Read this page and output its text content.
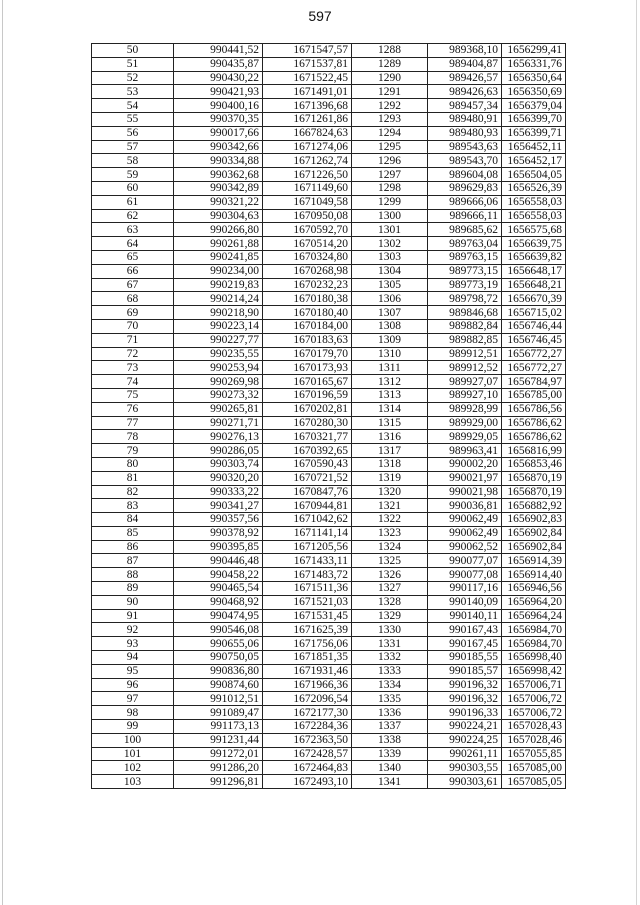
597
50	990441,52	1671547,57	1288	989368,10	1656299,41
51	990435,87	1671537,81	1289	989404,87	1656331,76
52	990430,22	1671522,45	1290	989426,57	1656350,64
53	990421,93	1671491,01	1291	989426,63	1656350,69
54	990400,16	1671396,68	1292	989457,34	1656379,04
55	990370,35	1671261,86	1293	989480,91	1656399,70
56	990017,66	1667824,63	1294	989480,93	1656399,71
57	990342,66	1671274,06	1295	989543,63	1656452,11
58	990334,88	1671262,74	1296	989543,70	1656452,17
59	990362,68	1671226,50	1297	989604,08	1656504,05
60	990342,89	1671149,60	1298	989629,83	1656526,39
61	990321,22	1671049,58	1299	989666,06	1656558,03
62	990304,63	1670950,08	1300	989666,11	1656558,03
63	990266,80	1670592,70	1301	989685,62	1656575,68
64	990261,88	1670514,20	1302	989763,04	1656639,75
65	990241,85	1670324,80	1303	989763,15	1656639,82
66	990234,00	1670268,98	1304	989773,15	1656648,17
67	990219,83	1670232,23	1305	989773,19	1656648,21
68	990214,24	1670180,38	1306	989798,72	1656670,39
69	990218,90	1670180,40	1307	989846,68	1656715,02
70	990223,14	1670184,00	1308	989882,84	1656746,44
71	990227,77	1670183,63	1309	989882,85	1656746,45
72	990235,55	1670179,70	1310	989912,51	1656772,27
73	990253,94	1670173,93	1311	989912,52	1656772,27
74	990269,98	1670165,67	1312	989927,07	1656784,97
75	990273,32	1670196,59	1313	989927,10	1656785,00
76	990265,81	1670202,81	1314	989928,99	1656786,56
77	990271,71	1670280,30	1315	989929,00	1656786,62
78	990276,13	1670321,77	1316	989929,05	1656786,62
79	990286,05	1670392,65	1317	989963,41	1656816,99
80	990303,74	1670590,43	1318	990002,20	1656853,46
81	990320,20	1670721,52	1319	990021,97	1656870,19
82	990333,22	1670847,76	1320	990021,98	1656870,19
83	990341,27	1670944,81	1321	990036,81	1656882,92
84	990357,56	1671042,62	1322	990062,49	1656902,83
85	990378,92	1671141,14	1323	990062,49	1656902,84
86	990395,85	1671205,56	1324	990062,52	1656902,84
87	990446,48	1671433,11	1325	990077,07	1656914,39
88	990458,22	1671483,72	1326	990077,08	1656914,40
89	990465,54	1671511,36	1327	990117,16	1656946,56
90	990468,92	1671521,03	1328	990140,09	1656964,20
91	990474,95	1671531,45	1329	990140,11	1656964,24
92	990546,08	1671625,39	1330	990167,43	1656984,70
93	990655,06	1671756,06	1331	990167,45	1656984,70
94	990750,05	1671851,35	1332	990185,55	1656998,40
95	990836,80	1671931,46	1333	990185,57	1656998,42
96	990874,60	1671966,36	1334	990196,32	1657006,71
97	991012,51	1672096,54	1335	990196,32	1657006,72
98	991089,47	1672177,30	1336	990196,33	1657006,72
99	991173,13	1672284,36	1337	990224,21	1657028,43
100	991231,44	1672363,50	1338	990224,25	1657028,46
101	991272,01	1672428,57	1339	990261,11	1657055,85
102	991286,20	1672464,83	1340	990303,55	1657085,00
103	991296,81	1672493,10	1341	990303,61	1657085,05
